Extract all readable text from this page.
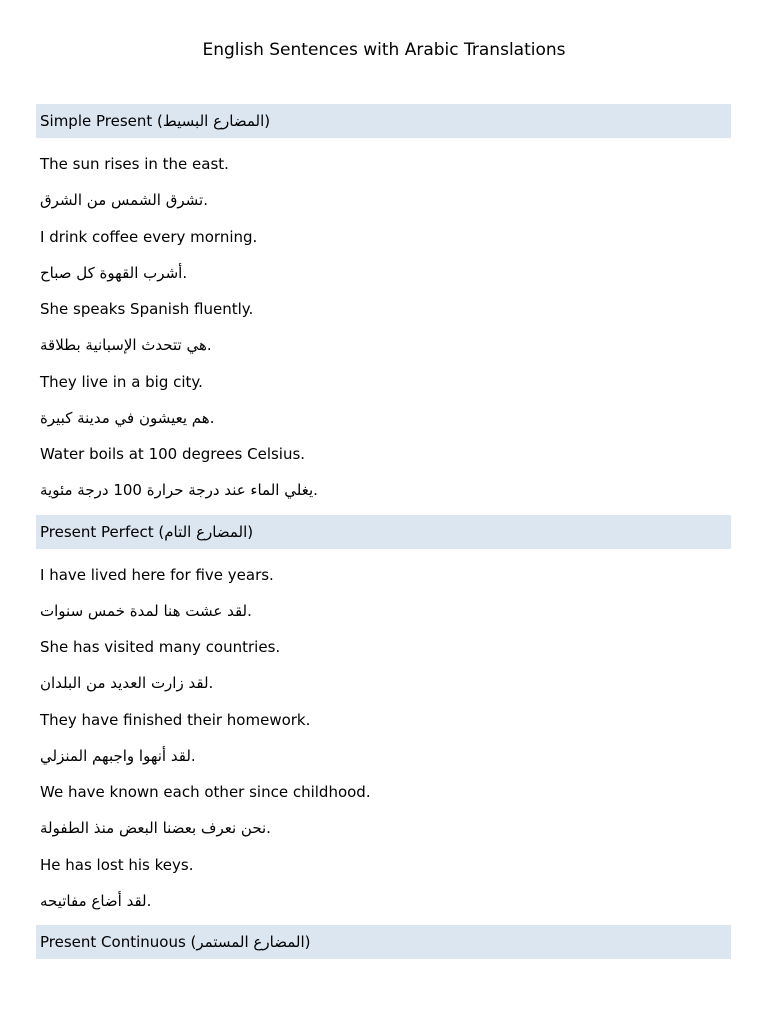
English Sentences with Arabic Translations
Simple Present (المضارع البسيط)
The sun rises in the east.
تشرق الشمس من الشرق.
I drink coffee every morning.
أشرب القهوة كل صباح.
She speaks Spanish fluently.
هي تتحدث الإسبانية بطلاقة.
They live in a big city.
هم يعيشون في مدينة كبيرة.
Water boils at 100 degrees Celsius.
يغلي الماء عند درجة حرارة 100 درجة مئوية.
Present Perfect (المضارع التام)
I have lived here for five years.
لقد عشت هنا لمدة خمس سنوات.
She has visited many countries.
لقد زارت العديد من البلدان.
They have finished their homework.
لقد أنهوا واجبهم المنزلي.
We have known each other since childhood.
نحن نعرف بعضنا البعض منذ الطفولة.
He has lost his keys.
لقد أضاع مفاتيحه.
Present Continuous (المضارع المستمر)
